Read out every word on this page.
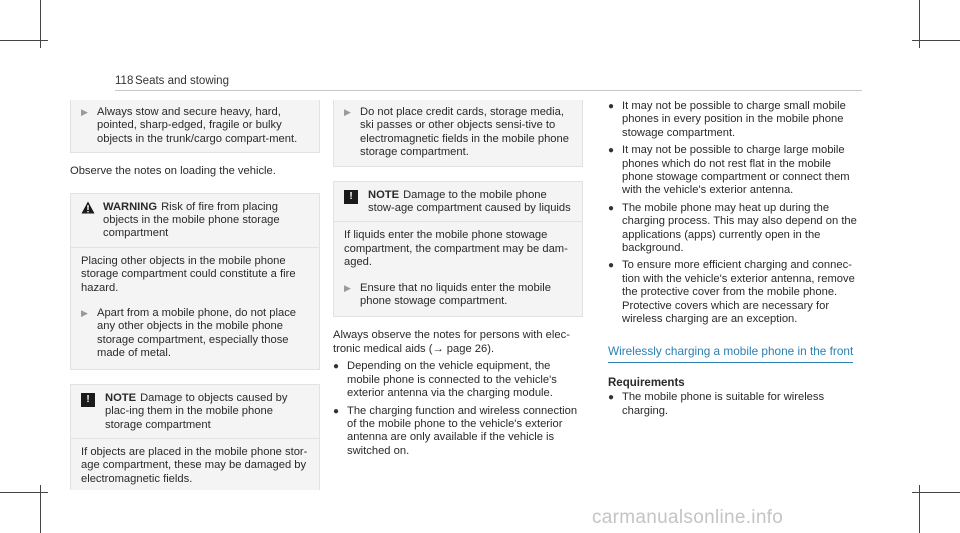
118 Seats and stowing
▶ Always stow and secure heavy, hard, pointed, sharp-edged, fragile or bulky objects in the trunk/cargo compart-ment.

Observe the notes on loading the vehicle.

WARNING Risk of fire from placing objects in the mobile phone storage compartment
Placing other objects in the mobile phone storage compartment could constitute a fire hazard.
▶ Apart from a mobile phone, do not place any other objects in the mobile phone storage compartment, especially those made of metal.
!	NOTE Damage to objects caused by plac-ing them in the mobile phone storage compartment
If objects are placed in the mobile phone stor-age compartment, these may be damaged by electromagnetic fields.
▶ Do not place credit cards, storage media, ski passes or other objects sensi-tive to electromagnetic fields in the mobile phone storage compartment.
!	NOTE Damage to the mobile phone stow-age compartment caused by liquids
If liquids enter the mobile phone stowage compartment, the compartment may be dam-aged.
▶ Ensure that no liquids enter the mobile phone stowage compartment.

Always observe the notes for persons with elec-tronic medical aids (→ page 26).

● Depending on the vehicle equipment, the mobile phone is connected to the vehicle's exterior antenna via the charging module.
● The charging function and wireless connection of the mobile phone to the vehicle's exterior antenna are only available if the vehicle is switched on.
● It may not be possible to charge small mobile phones in every position in the mobile phone stowage compartment.
● It may not be possible to charge large mobile phones which do not rest flat in the mobile phone stowage compartment or connect them with the vehicle's exterior antenna.
● The mobile phone may heat up during the charging process. This may also depend on the applications (apps) currently open in the background.
● To ensure more efficient charging and connec-tion with the vehicle's exterior antenna, remove the protective cover from the mobile phone. Protective covers which are necessary for wireless charging are an exception.
Wirelessly charging a mobile phone in the front
Requirements
● The mobile phone is suitable for wireless charging.
carmanualsonline.info
